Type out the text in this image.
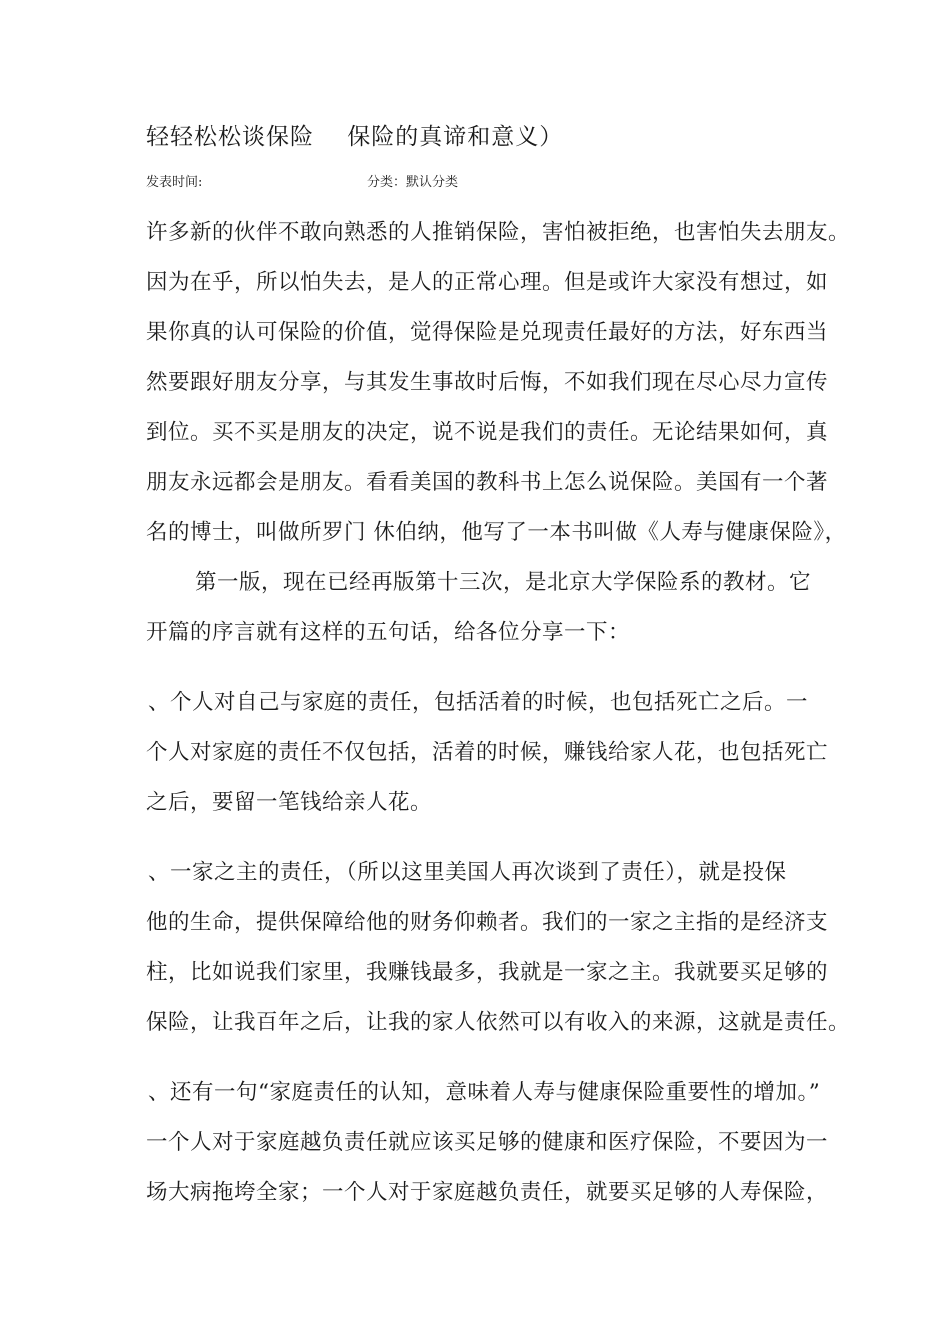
轻轻松松谈保险    保险的真谛和意义）
发表时间:	分类：默认分类
许多新的伙伴不敢向熟悉的人推销保险，害怕被拒绝，也害怕失去朋友。
因为在乎，所以怕失去，是人的正常心理。但是或许大家没有想过，如
果你真的认可保险的价值，觉得保险是兑现责任最好的方法，好东西当
然要跟好朋友分享，与其发生事故时后悔，不如我们现在尽心尽力宣传
到位。买不买是朋友的决定，说不说是我们的责任。无论结果如何，真
朋友永远都会是朋友。看看美国的教科书上怎么说保险。美国有一个著
名的博士，叫做所罗门 休伯纳，他写了一本书叫做《人寿与健康保险》，
第一版，现在已经再版第十三次，是北京大学保险系的教材。它
开篇的序言就有这样的五句话，给各位分享一下：
、个人对自己与家庭的责任，包括活着的时候，也包括死亡之后。一
个人对家庭的责任不仅包括，活着的时候，赚钱给家人花，也包括死亡
之后，要留一笔钱给亲人花。
、一家之主的责任，（所以这里美国人再次谈到了责任），就是投保
他的生命，提供保障给他的财务仰赖者。我们的一家之主指的是经济支
柱，比如说我们家里，我赚钱最多，我就是一家之主。我就要买足够的
保险，让我百年之后，让我的家人依然可以有收入的来源，这就是责任。
、还有一句“家庭责任的认知，意味着人寿与健康保险重要性的增加。”
一个人对于家庭越负责任就应该买足够的健康和医疗保险，不要因为一
场大病拖垮全家；一个人对于家庭越负责任，就要买足够的人寿保险，
